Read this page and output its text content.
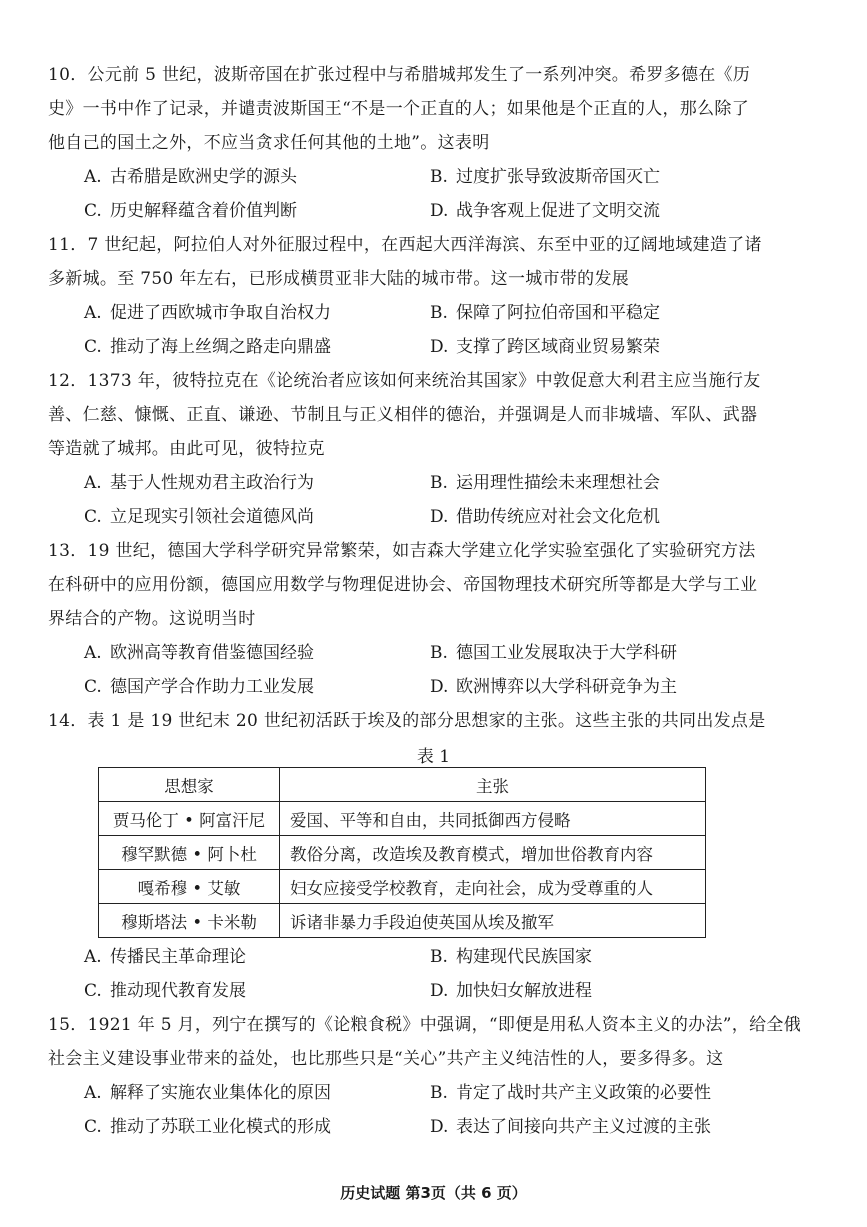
10．公元前 5 世纪，波斯帝国在扩张过程中与希腊城邦发生了一系列冲突。希罗多德在《历

史》一书中作了记录，并谴责波斯国王“不是一个正直的人；如果他是个正直的人，那么除了

他自己的国土之外，不应当贪求任何其他的土地”。这表明

A. 古希腊是欧洲史学的源头	B. 过度扩张导致波斯帝国灭亡
C. 历史解释蕴含着价值判断	D. 战争客观上促进了文明交流

11．7 世纪起，阿拉伯人对外征服过程中，在西起大西洋海滨、东至中亚的辽阔地域建造了诸

多新城。至 750 年左右，已形成横贯亚非大陆的城市带。这一城市带的发展

A. 促进了西欧城市争取自治权力	B. 保障了阿拉伯帝国和平稳定
C. 推动了海上丝绸之路走向鼎盛	D. 支撑了跨区域商业贸易繁荣

12．1373 年，彼特拉克在《论统治者应该如何来统治其国家》中敦促意大利君主应当施行友

善、仁慈、慷慨、正直、谦逊、节制且与正义相伴的德治，并强调是人而非城墙、军队、武器

等造就了城邦。由此可见，彼特拉克

A. 基于人性规劝君主政治行为	B. 运用理性描绘未来理想社会
C. 立足现实引领社会道德风尚	D. 借助传统应对社会文化危机

13．19 世纪，德国大学科学研究异常繁荣，如吉森大学建立化学实验室强化了实验研究方法

在科研中的应用份额，德国应用数学与物理促进协会、帝国物理技术研究所等都是大学与工业

界结合的产物。这说明当时

A. 欧洲高等教育借鉴德国经验	B. 德国工业发展取决于大学科研
C. 德国产学合作助力工业发展	D. 欧洲博弈以大学科研竞争为主

14．表 1 是 19 世纪末 20 世纪初活跃于埃及的部分思想家的主张。这些主张的共同出发点是

表 1
思想家	主张
贾马伦丁 • 阿富汗尼	爱国、平等和自由，共同抵御西方侵略
穆罕默德 • 阿卜杜	教俗分离，改造埃及教育模式，增加世俗教育内容
嘎希穆 • 艾敏	妇女应接受学校教育，走向社会，成为受尊重的人
穆斯塔法 • 卡米勒	诉诸非暴力手段迫使英国从埃及撤军
A. 传播民主革命理论	B. 构建现代民族国家
C. 推动现代教育发展	D. 加快妇女解放进程

15．1921 年 5 月，列宁在撰写的《论粮食税》中强调，“即便是用私人资本主义的办法”，给全俄

社会主义建设事业带来的益处，也比那些只是“关心”共产主义纯洁性的人，要多得多。这

A. 解释了实施农业集体化的原因	B. 肯定了战时共产主义政策的必要性
C. 推动了苏联工业化模式的形成	D. 表达了间接向共产主义过渡的主张
历史试题 第3页（共 6 页）
